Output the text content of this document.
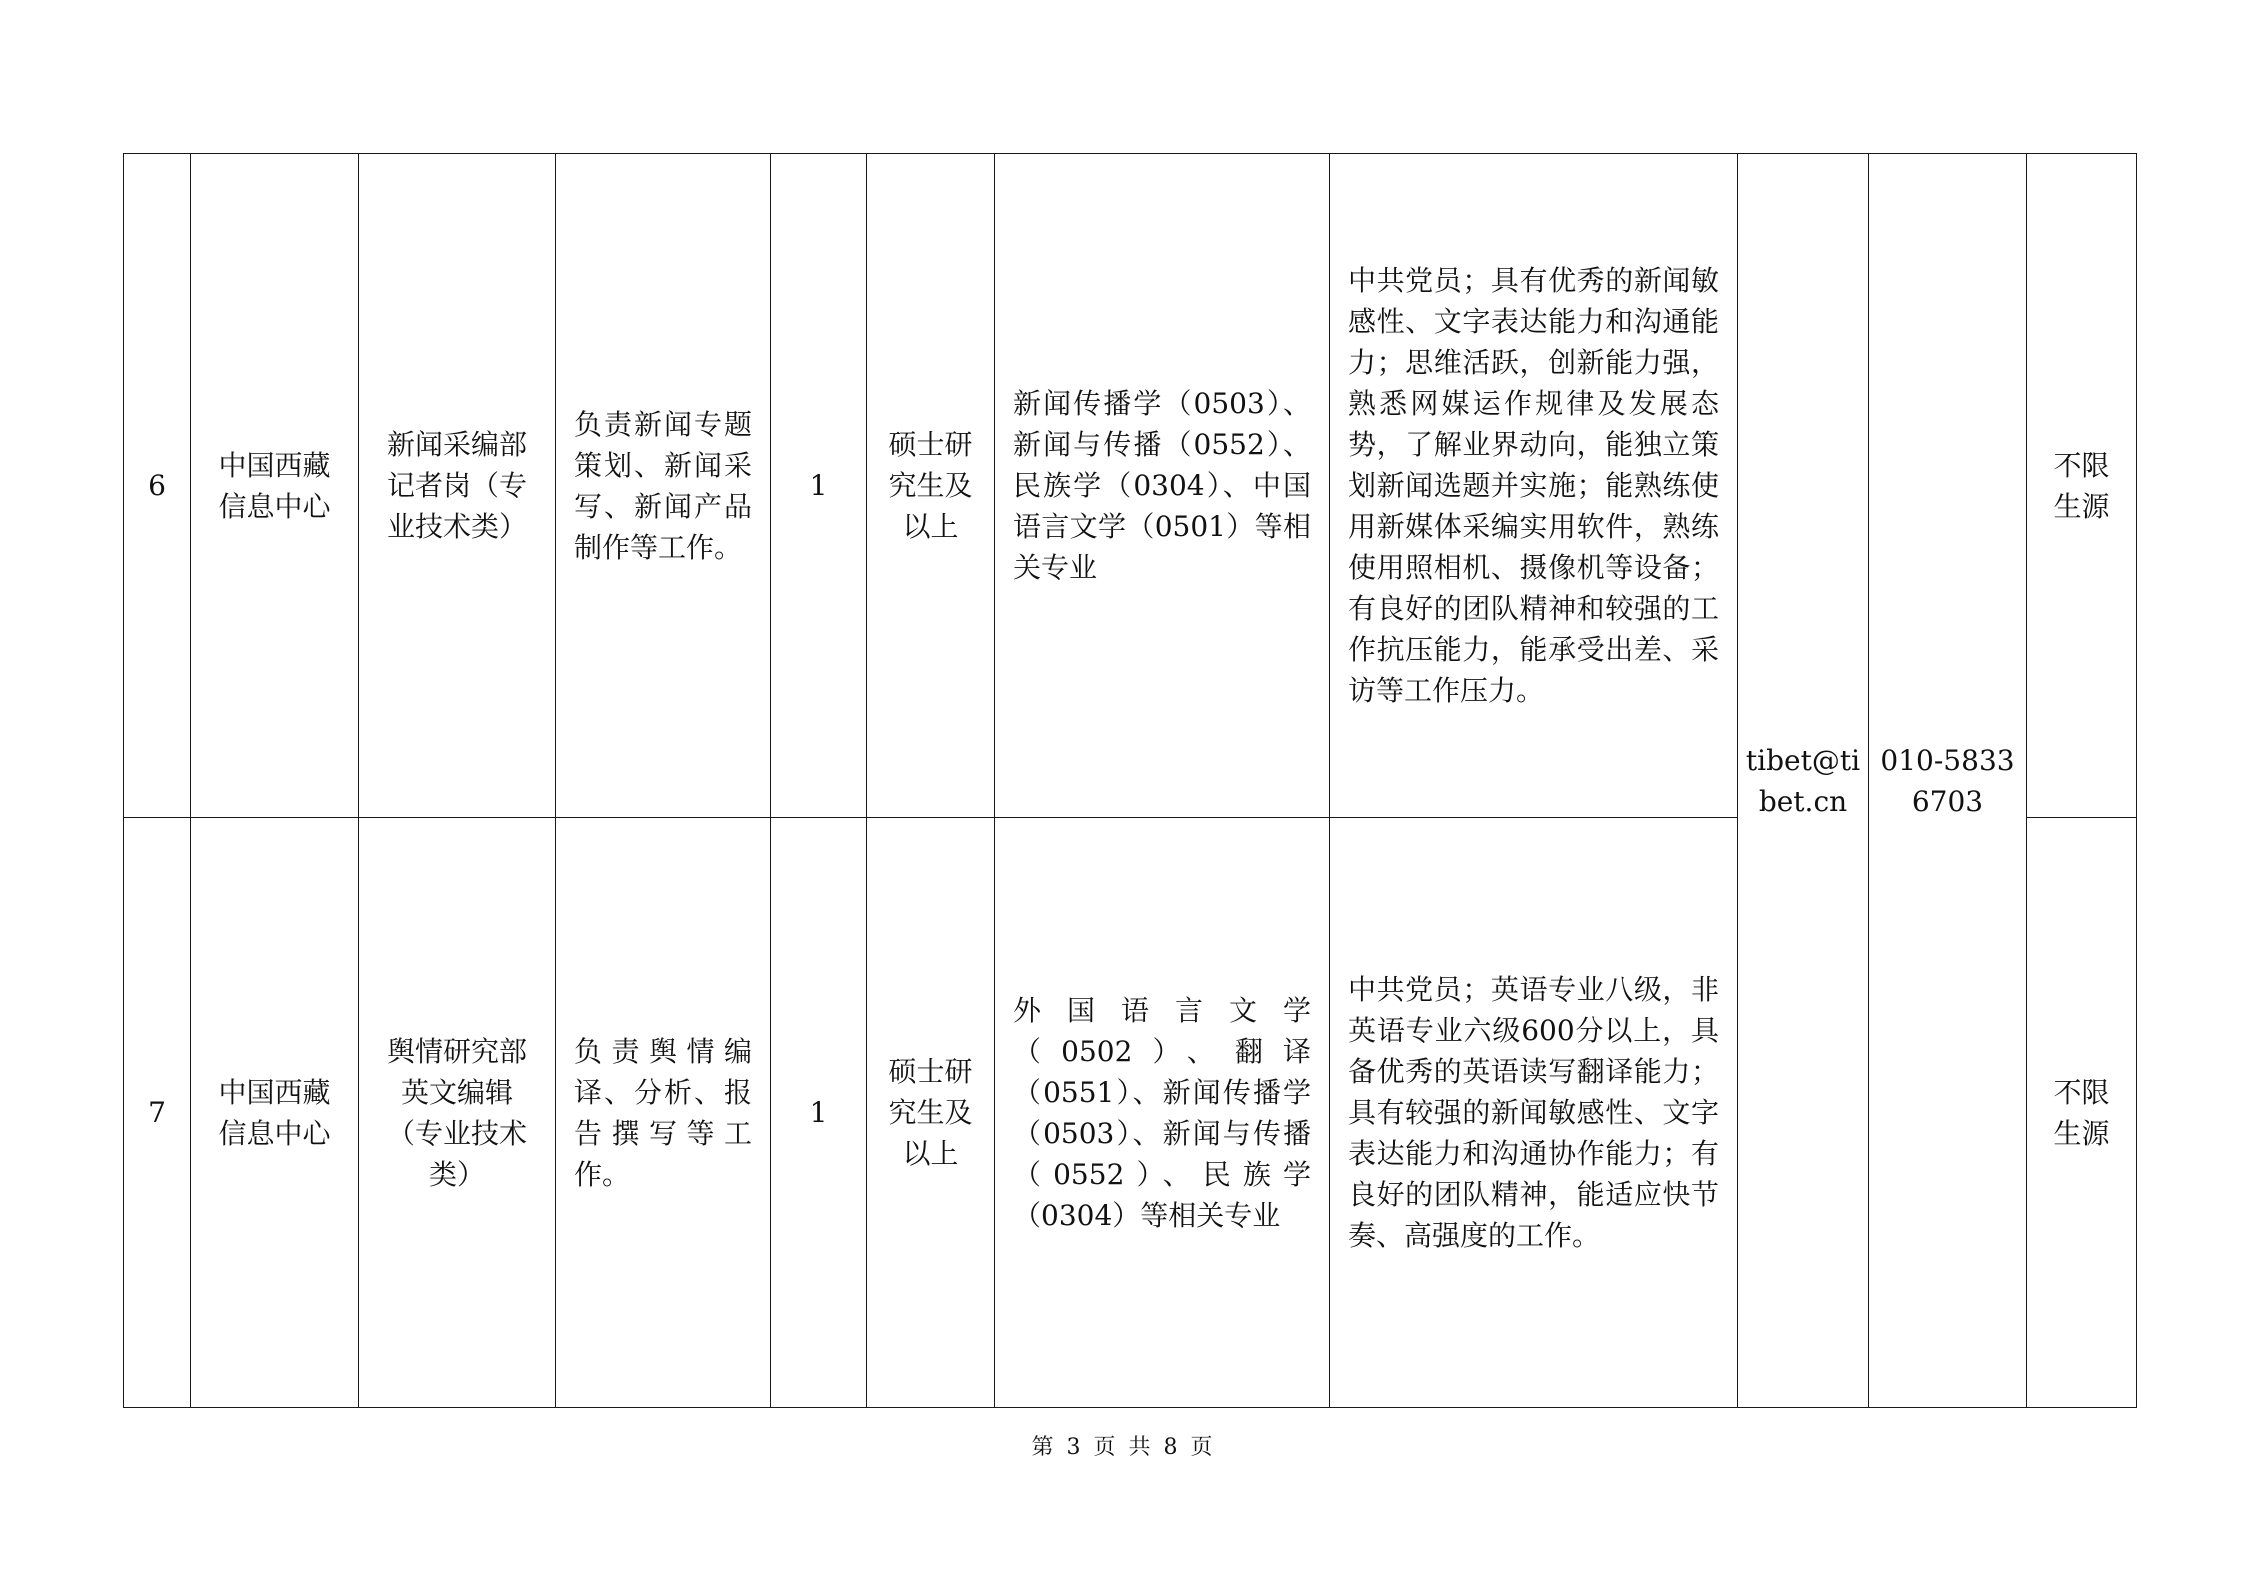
6	中国西藏信息中心	新闻采编部记者岗（专业技术类）	负责新闻专题策划、新闻采写、新闻产品制作等工作。	1	硕士研究生及以上	新闻传播学（0503）、新闻与传播（0552）、民族学（0304）、中国语言文学（0501）等相关专业	中共党员；具有优秀的新闻敏感性、文字表达能力和沟通能力；思维活跃，创新能力强，熟悉网媒运作规律及发展态势，了解业界动向，能独立策划新闻选题并实施；能熟练使用新媒体采编实用软件，熟练使用照相机、摄像机等设备；有良好的团队精神和较强的工作抗压能力，能承受出差、采访等工作压力。	tibet@tibet.cn	010-58336703	不限生源
7	中国西藏信息中心	舆情研究部英文编辑（专业技术类）	负责舆情编译、分析、报告撰写等工作。	1	硕士研究生及以上	外国语言文学（0502）、翻译（0551）、新闻传播学（0503）、新闻与传播（0552）、民族学（0304）等相关专业	中共党员；英语专业八级，非英语专业六级600分以上，具备优秀的英语读写翻译能力；具有较强的新闻敏感性、文字表达能力和沟通协作能力；有良好的团队精神，能适应快节奏、高强度的工作。			不限生源
第 3 页 共 8 页
